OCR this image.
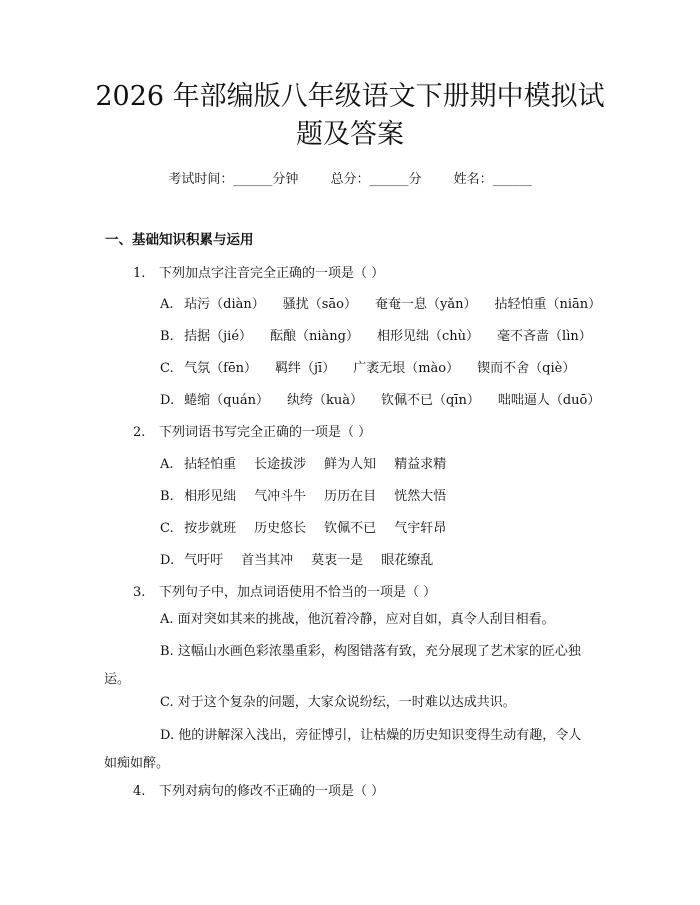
2026 年部编版八年级语文下册期中模拟试题及答案
考试时间：______分钟 总分：______分 姓名：______
一、基础知识积累与运用
1. 下列加点字注音完全正确的一项是（ ）
A. 玷污（diàn） 骚扰（sāo） 奄奄一息（yǎn） 拈轻怕重（niān）
B. 拮据（jié） 酝酿（niàng） 相形见绌（chù） 毫不吝啬（lìn）
C. 气氛（fēn） 羁绊（jī） 广袤无垠（mào） 锲而不舍（qiè）
D. 蜷缩（quán） 纨绔（kuà） 钦佩不已（qīn） 咄咄逼人（duō）
2. 下列词语书写完全正确的一项是（ ）
A. 拈轻怕重 长途拔涉 鲜为人知 精益求精
B. 相形见绌 气冲斗牛 历历在目 恍然大悟
C. 按步就班 历史悠长 钦佩不已 气宇轩昂
D. 气吁吁 首当其冲 莫衷一是 眼花缭乱
3. 下列句子中，加点词语使用不恰当的一项是（ ）
A. 面对突如其来的挑战，他沉着冷静，应对自如，真令人刮目相看。
B. 这幅山水画色彩浓墨重彩，构图错落有致，充分展现了艺术家的匠心独运。
C. 对于这个复杂的问题，大家众说纷纭，一时难以达成共识。
D. 他的讲解深入浅出，旁征博引，让枯燥的历史知识变得生动有趣，令人如痴如醉。
4. 下列对病句的修改不正确的一项是（ ）
